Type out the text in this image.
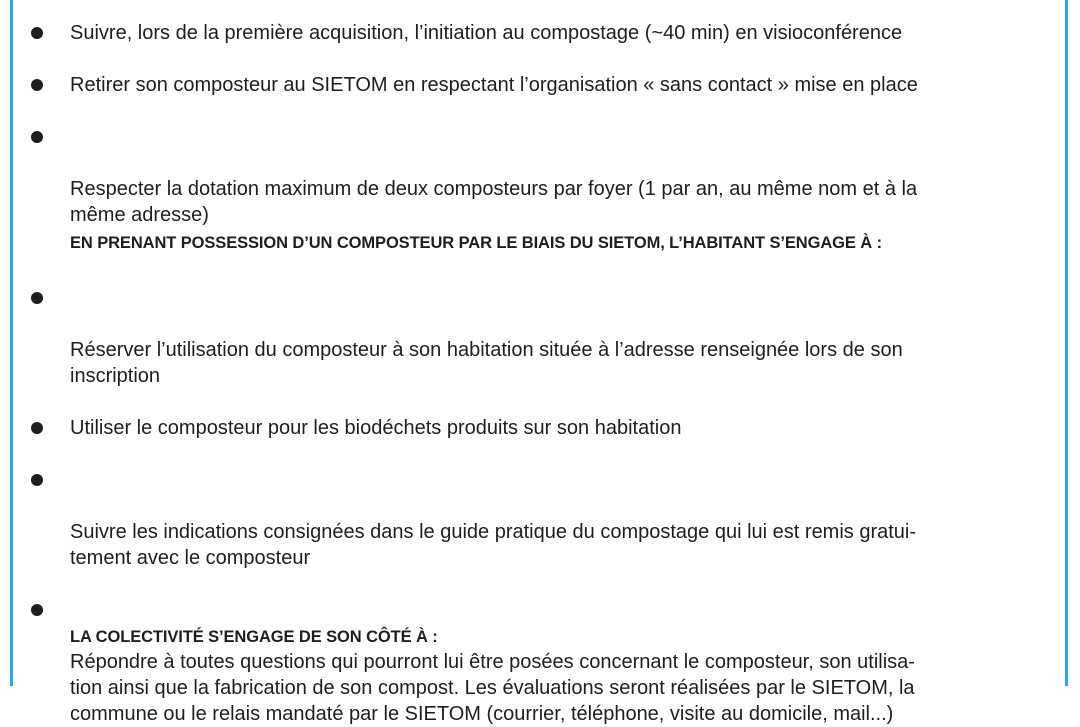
Suivre, lors de la première acquisition, l’initiation au compostage (~40 min) en visioconférence
Retirer son composteur au SIETOM en respectant l’organisation « sans contact » mise en place

Respecter la dotation maximum de deux composteurs par foyer (1 par an, au même nom et à la
même adresse)

EN PRENANT POSSESSION D’UN COMPOSTEUR PAR LE BIAIS DU SIETOM, L’HABITANT S’ENGAGE À :

Réserver l’utilisation du composteur à son habitation située à l’adresse renseignée lors de son
inscription

Utiliser le composteur pour les biodéchets produits sur son habitation

Suivre les indications consignées dans le guide pratique du compostage qui lui est remis gratui-
tement avec le composteur

Répondre à toutes questions qui pourront lui être posées concernant le composteur, son utilisa-
tion ainsi que la fabrication de son compost. Les évaluations seront réalisées par le SIETOM, la
commune ou le relais mandaté par le SIETOM (courrier, téléphone, visite au domicile, mail...)

LA COLECTIVITÉ S’ENGAGE DE SON CÔTÉ À :
